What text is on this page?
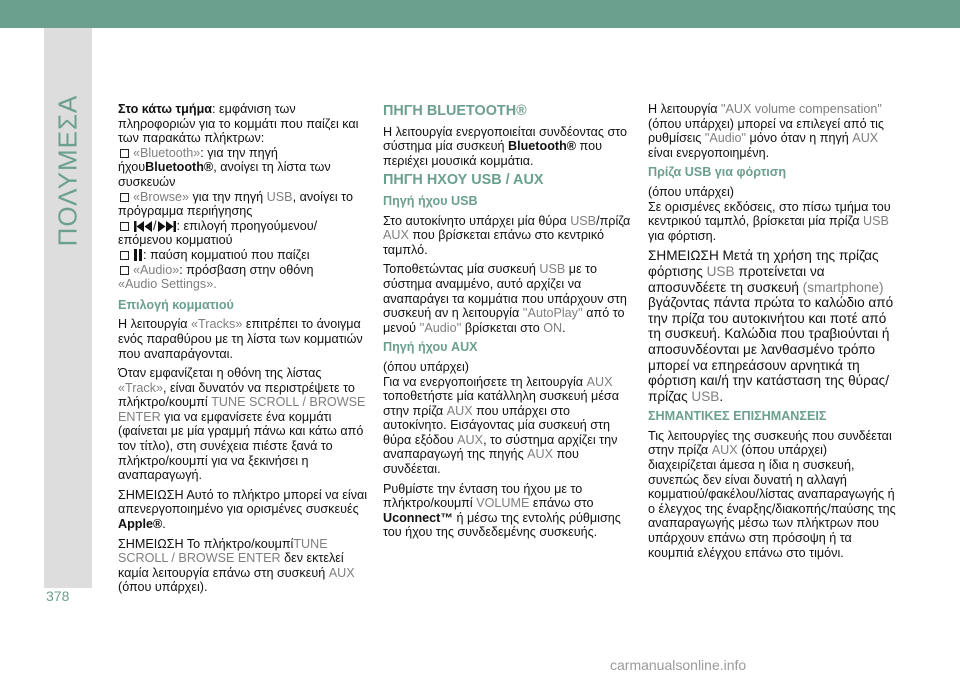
ΠΟΛΥΜΕΣΑ
378
carmanualsonline.info

Στο κάτω τμήμα: εμφάνιση των πληροφοριών για το κομμάτι που παίζει και των παρακάτω πλήκτρων:

«Bluetooth»: για την πηγή ήχουBluetooth®, ανοίγει τη λίστα των συσκευών

«Browse» για την πηγή USB, ανοίγει το πρόγραμμα περιήγησης

/ : επιλογή προηγούμενου/επόμενου κομματιού

: παύση κομματιού που παίζει

«Audio»: πρόσβαση στην οθόνη
«Audio Settings».

Επιλογή κομματιού

Η λειτουργία «Tracks» επιτρέπει το άνοιγμα ενός παραθύρου με τη λίστα των κομματιών που αναπαράγονται.

Όταν εμφανίζεται η οθόνη της λίστας «Track», είναι δυνατόν να περιστρέψετε το πλήκτρο/κουμπί TUNE SCROLL / BROWSE ENTER για να εμφανίσετε ένα κομμάτι (φαίνεται με μία γραμμή πάνω και κάτω από τον τίτλο), στη συνέχεια πιέστε ξανά το πλήκτρο/κουμπί για να ξεκινήσει η αναπαραγωγή.

ΣΗΜΕΙΩΣΗ Αυτό το πλήκτρο μπορεί να είναι απενεργοποιημένο για ορισμένες συσκευές Apple®.

ΣΗΜΕΙΩΣΗ Το πλήκτρο/κουμπίTUNE SCROLL / BROWSE ENTER δεν εκτελεί καμία λειτουργία επάνω στη συσκευή AUX (όπου υπάρχει).

ΠΗΓΗ BLUETOOTH®

Η λειτουργία ενεργοποιείται συνδέοντας στο σύστημα μία συσκευή Bluetooth® που περιέχει μουσικά κομμάτια.

ΠΗΓΗ ΗΧΟΥ USB / AUX
Πηγή ήχου USB

Στο αυτοκίνητο υπάρχει μία θύρα USB/πρίζα AUX που βρίσκεται επάνω στο κεντρικό ταμπλό.

Τοποθετώντας μία συσκευή USB με το σύστημα αναμμένο, αυτό αρχίζει να αναπαράγει τα κομμάτια που υπάρχουν στη συσκευή αν η λειτουργία ''AutoPlay'' από το μενού ''Audio'' βρίσκεται στο ON.

Πηγή ήχου AUX

(όπου υπάρχει)

Για να ενεργοποιήσετε τη λειτουργία AUX τοποθετήστε μία κατάλληλη συσκευή μέσα στην πρίζα AUX που υπάρχει στο αυτοκίνητο. Εισάγοντας μία συσκευή στη θύρα εξόδου AUX, το σύστημα αρχίζει την αναπαραγωγή της πηγής AUX που συνδέεται.

Ρυθμίστε την ένταση του ήχου με το πλήκτρο/κουμπί VOLUME επάνω στο Uconnect™ ή μέσω της εντολής ρύθμισης του ήχου της συνδεδεμένης συσκευής.

Η λειτουργία "AUX volume compensation" (όπου υπάρχει) μπορεί να επιλεγεί από τις ρυθμίσεις "Audio" μόνο όταν η πηγή AUX είναι ενεργοποιημένη.

Πρίζα USB για φόρτιση

(όπου υπάρχει)

Σε ορισμένες εκδόσεις, στο πίσω τμήμα του κεντρικού ταμπλό, βρίσκεται μία πρίζα USB για φόρτιση.

ΣΗΜΕΙΩΣΗ Μετά τη χρήση της πρίζας φόρτισης USB προτείνεται να αποσυνδέετε τη συσκευή (smartphone) βγάζοντας πάντα πρώτα το καλώδιο από την πρίζα του αυτοκινήτου και ποτέ από τη συσκευή. Καλώδια που τραβιούνται ή αποσυνδέονται με λανθασμένο τρόπο μπορεί να επηρεάσουν αρνητικά τη φόρτιση και/ή την κατάσταση της θύρας/πρίζας USB.

ΣΗΜΑΝΤΙΚΕΣ ΕΠΙΣΗΜΑΝΣΕΙΣ

Τις λειτουργίες της συσκευής που συνδέεται στην πρίζα AUX (όπου υπάρχει) διαχειρίζεται άμεσα η ίδια η συσκευή, συνεπώς δεν είναι δυνατή η αλλαγή κομματιού/φακέλου/λίστας αναπαραγωγής ή ο έλεγχος της έναρξης/διακοπής/παύσης της αναπαραγωγής μέσω των πλήκτρων που υπάρχουν επάνω στη πρόσοψη ή τα κουμπιά ελέγχου επάνω στο τιμόνι.
